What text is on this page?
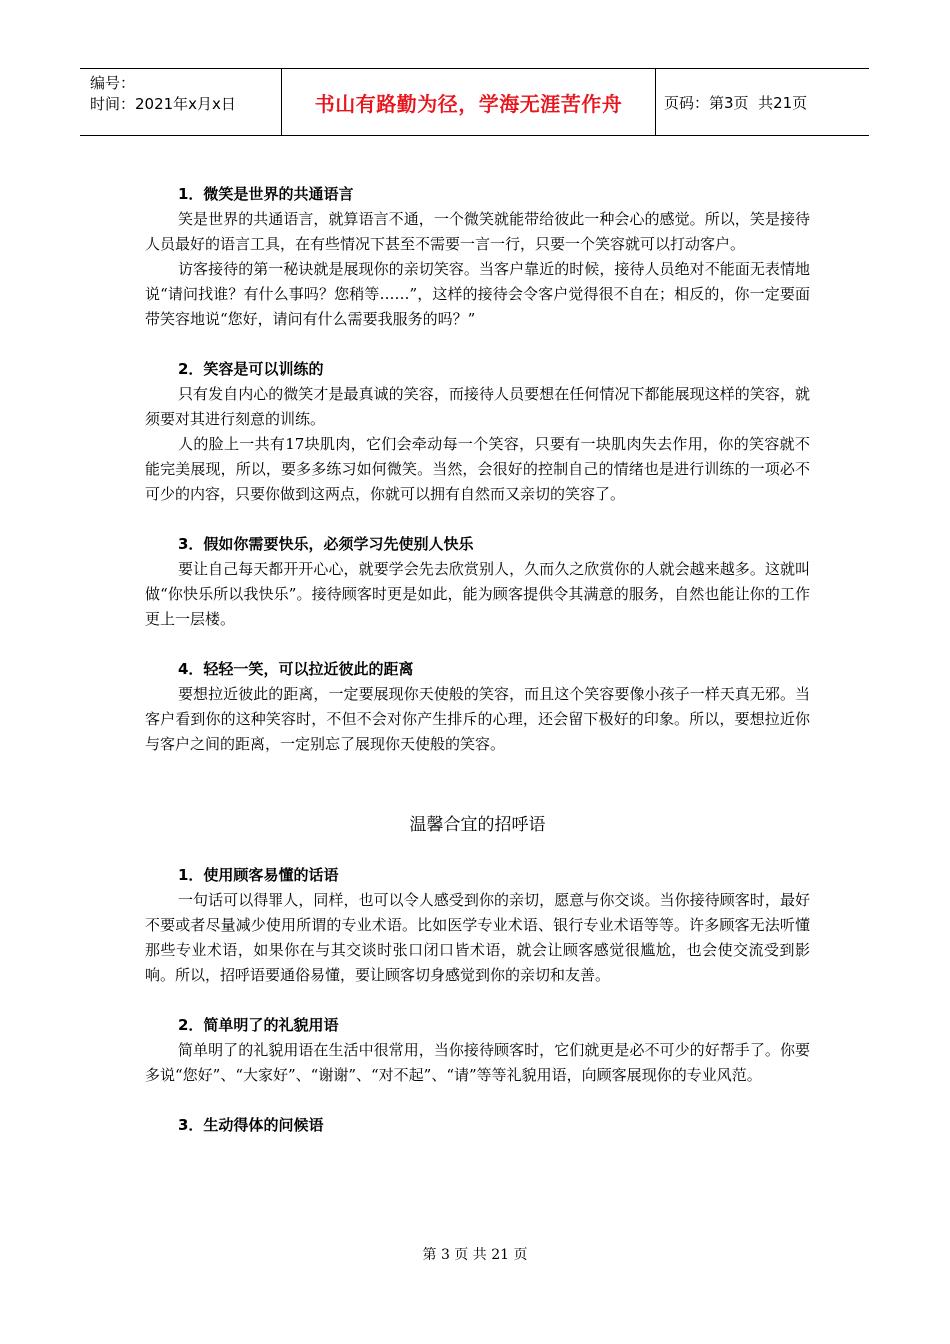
编号：
时间：2021年x月x日	书山有路勤为径，学海无涯苦作舟	页码：第3页  共21页
1．微笑是世界的共通语言

笑是世界的共通语言，就算语言不通，一个微笑就能带给彼此一种会心的感觉。所以，笑是接待人员最好的语言工具，在有些情况下甚至不需要一言一行，只要一个笑容就可以打动客户。

访客接待的第一秘诀就是展现你的亲切笑容。当客户靠近的时候，接待人员绝对不能面无表情地说“请问找谁？有什么事吗？您稍等……”，这样的接待会令客户觉得很不自在；相反的，你一定要面带笑容地说“您好，请问有什么需要我服务的吗？”

2．笑容是可以训练的

只有发自内心的微笑才是最真诚的笑容，而接待人员要想在任何情况下都能展现这样的笑容，就须要对其进行刻意的训练。

人的脸上一共有17块肌肉，它们会牵动每一个笑容，只要有一块肌肉失去作用，你的笑容就不能完美展现，所以，要多多练习如何微笑。当然，会很好的控制自己的情绪也是进行训练的一项必不可少的内容，只要你做到这两点，你就可以拥有自然而又亲切的笑容了。

3．假如你需要快乐，必须学习先使别人快乐

要让自己每天都开开心心，就要学会先去欣赏别人，久而久之欣赏你的人就会越来越多。这就叫做“你快乐所以我快乐”。接待顾客时更是如此，能为顾客提供令其满意的服务，自然也能让你的工作更上一层楼。

4．轻轻一笑，可以拉近彼此的距离

要想拉近彼此的距离，一定要展现你天使般的笑容，而且这个笑容要像小孩子一样天真无邪。当客户看到你的这种笑容时，不但不会对你产生排斥的心理，还会留下极好的印象。所以，要想拉近你与客户之间的距离，一定别忘了展现你天使般的笑容。

温馨合宜的招呼语
1．使用顾客易懂的话语

一句话可以得罪人，同样，也可以令人感受到你的亲切，愿意与你交谈。当你接待顾客时，最好不要或者尽量减少使用所谓的专业术语。比如医学专业术语、银行专业术语等等。许多顾客无法听懂那些专业术语，如果你在与其交谈时张口闭口皆术语，就会让顾客感觉很尴尬，也会使交流受到影响。所以，招呼语要通俗易懂，要让顾客切身感觉到你的亲切和友善。

2．简单明了的礼貌用语

简单明了的礼貌用语在生活中很常用，当你接待顾客时，它们就更是必不可少的好帮手了。你要多说“您好”、“大家好”、“谢谢”、“对不起”、“请”等等礼貌用语，向顾客展现你的专业风范。

3．生动得体的问候语
第 3 页 共 21 页
